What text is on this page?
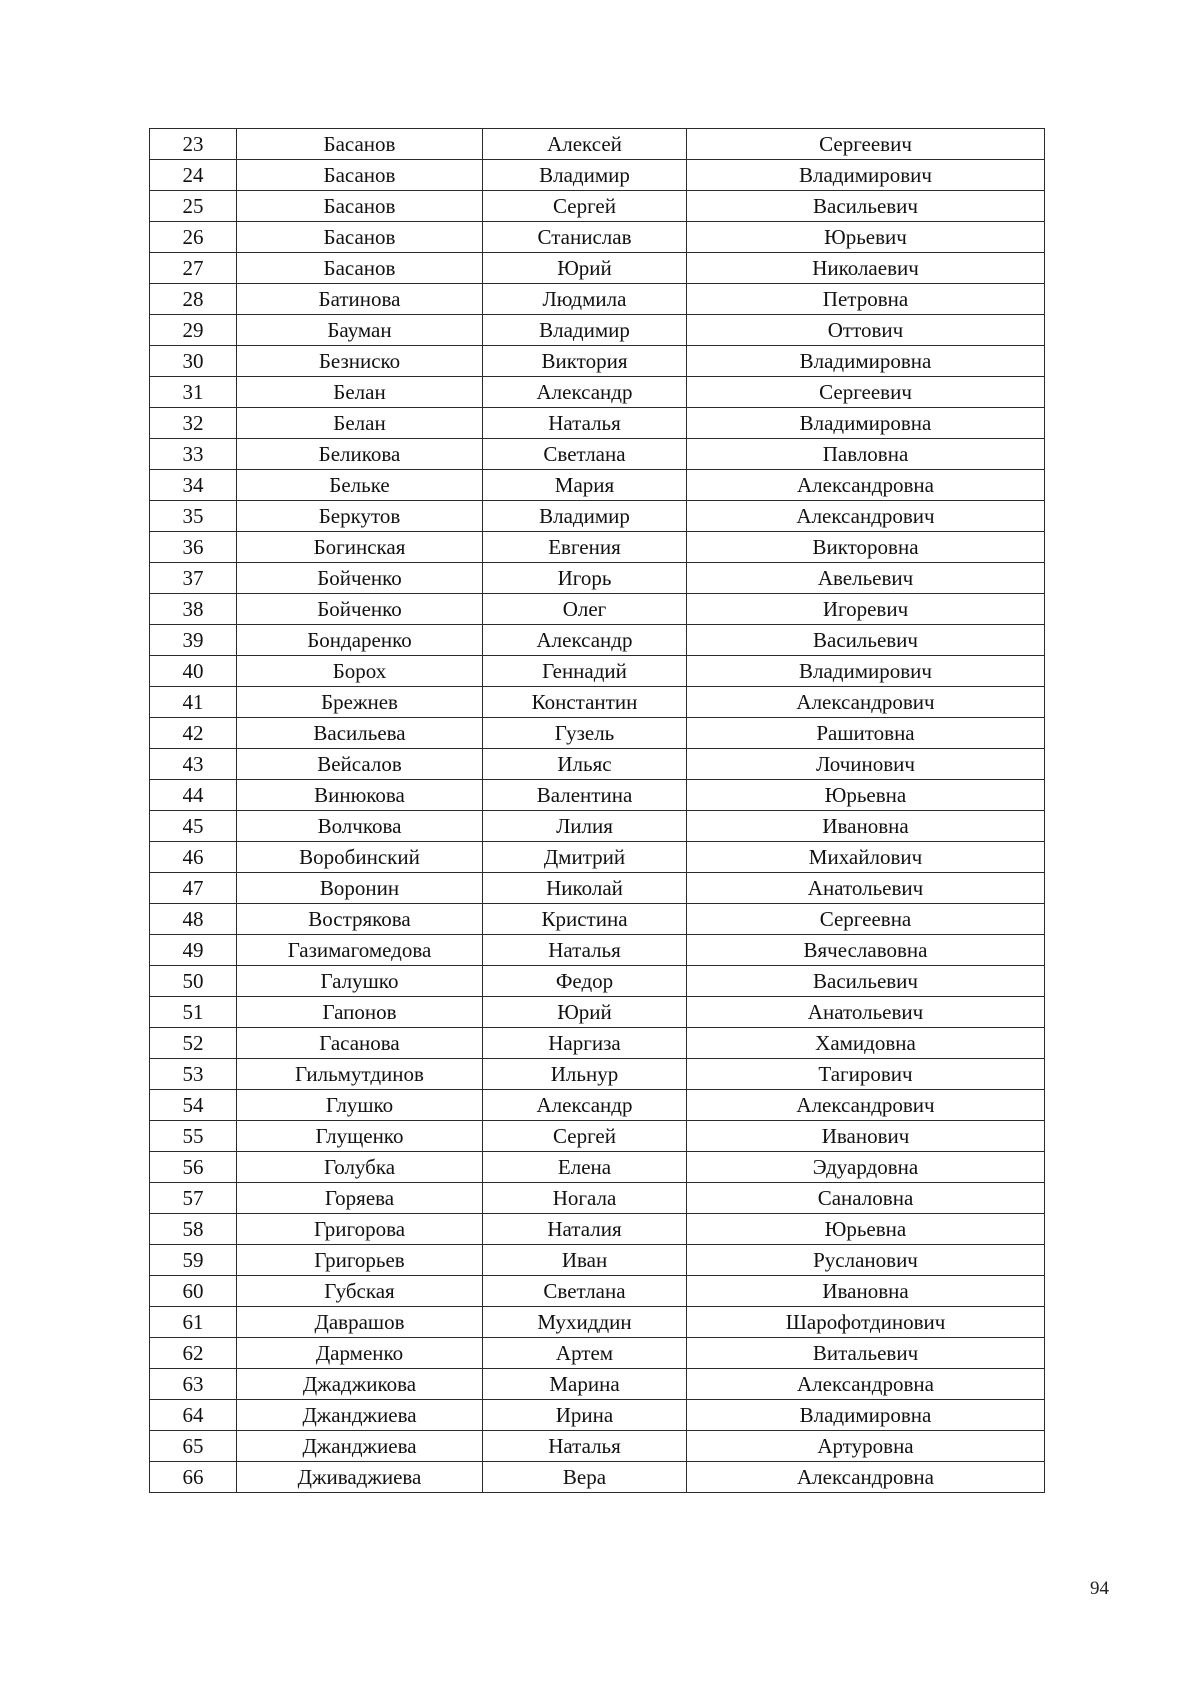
23	Басанов	Алексей	Сергеевич
24	Басанов	Владимир	Владимирович
25	Басанов	Сергей	Васильевич
26	Басанов	Станислав	Юрьевич
27	Басанов	Юрий	Николаевич
28	Батинова	Людмила	Петровна
29	Бауман	Владимир	Оттович
30	Безниско	Виктория	Владимировна
31	Белан	Александр	Сергеевич
32	Белан	Наталья	Владимировна
33	Беликова	Светлана	Павловна
34	Бельке	Мария	Александровна
35	Беркутов	Владимир	Александрович
36	Богинская	Евгения	Викторовна
37	Бойченко	Игорь	Авельевич
38	Бойченко	Олег	Игоревич
39	Бондаренко	Александр	Васильевич
40	Борох	Геннадий	Владимирович
41	Брежнев	Константин	Александрович
42	Васильева	Гузель	Рашитовна
43	Вейсалов	Ильяс	Лочинович
44	Винюкова	Валентина	Юрьевна
45	Волчкова	Лилия	Ивановна
46	Воробинский	Дмитрий	Михайлович
47	Воронин	Николай	Анатольевич
48	Вострякова	Кристина	Сергеевна
49	Газимагомедова	Наталья	Вячеславовна
50	Галушко	Федор	Васильевич
51	Гапонов	Юрий	Анатольевич
52	Гасанова	Наргиза	Хамидовна
53	Гильмутдинов	Ильнур	Тагирович
54	Глушко	Александр	Александрович
55	Глущенко	Сергей	Иванович
56	Голубка	Елена	Эдуардовна
57	Горяева	Ногала	Саналовна
58	Григорова	Наталия	Юрьевна
59	Григорьев	Иван	Русланович
60	Губская	Светлана	Ивановна
61	Даврашов	Мухиддин	Шарофотдинович
62	Дарменко	Артем	Витальевич
63	Джаджикова	Марина	Александровна
64	Джанджиева	Ирина	Владимировна
65	Джанджиева	Наталья	Артуровна
66	Дживаджиева	Вера	Александровна
94
